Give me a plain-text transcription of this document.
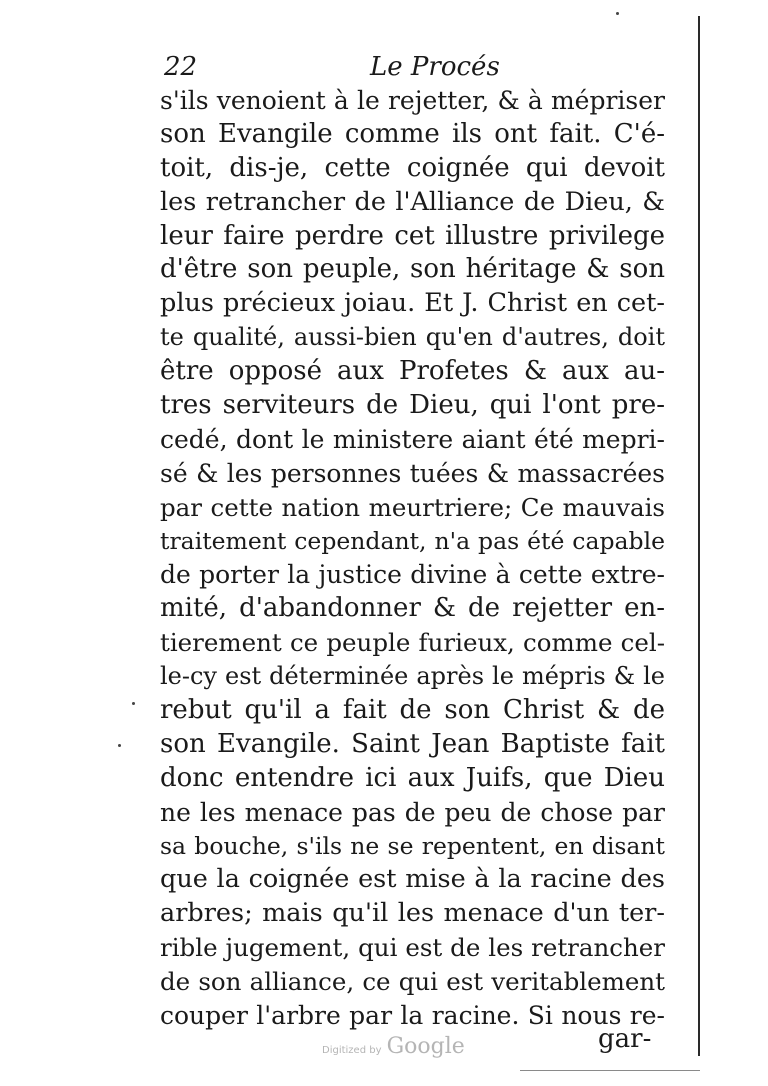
22	Le Procés
s'ils venoient à le rejetter, & à mépriser
son Evangile comme ils ont fait. C'é-
toit, dis-je, cette coignée qui devoit
les retrancher de l'Alliance de Dieu, &
leur faire perdre cet illustre privilege
d'être son peuple, son héritage & son
plus précieux joiau. Et J. Christ en cet-
te qualité, aussi-bien qu'en d'autres, doit
être opposé aux Profetes & aux au-
tres serviteurs de Dieu, qui l'ont pre-
cedé, dont le ministere aiant été mepri-
sé & les personnes tuées & massacrées
par cette nation meurtriere; Ce mauvais
traitement cependant, n'a pas été capable
de porter la justice divine à cette extre-
mité, d'abandonner & de rejetter en-
tierement ce peuple furieux, comme cel-
le-cy est déterminée après le mépris & le
rebut qu'il a fait de son Christ & de
son Evangile. Saint Jean Baptiste fait
donc entendre ici aux Juifs, que Dieu
ne les menace pas de peu de chose par
sa bouche, s'ils ne se repentent, en disant
que la coignée est mise à la racine des
arbres; mais qu'il les menace d'un ter-
rible jugement, qui est de les retrancher
de son alliance, ce qui est veritablement
couper l'arbre par la racine. Si nous re-
gar-
Digitized by Google
